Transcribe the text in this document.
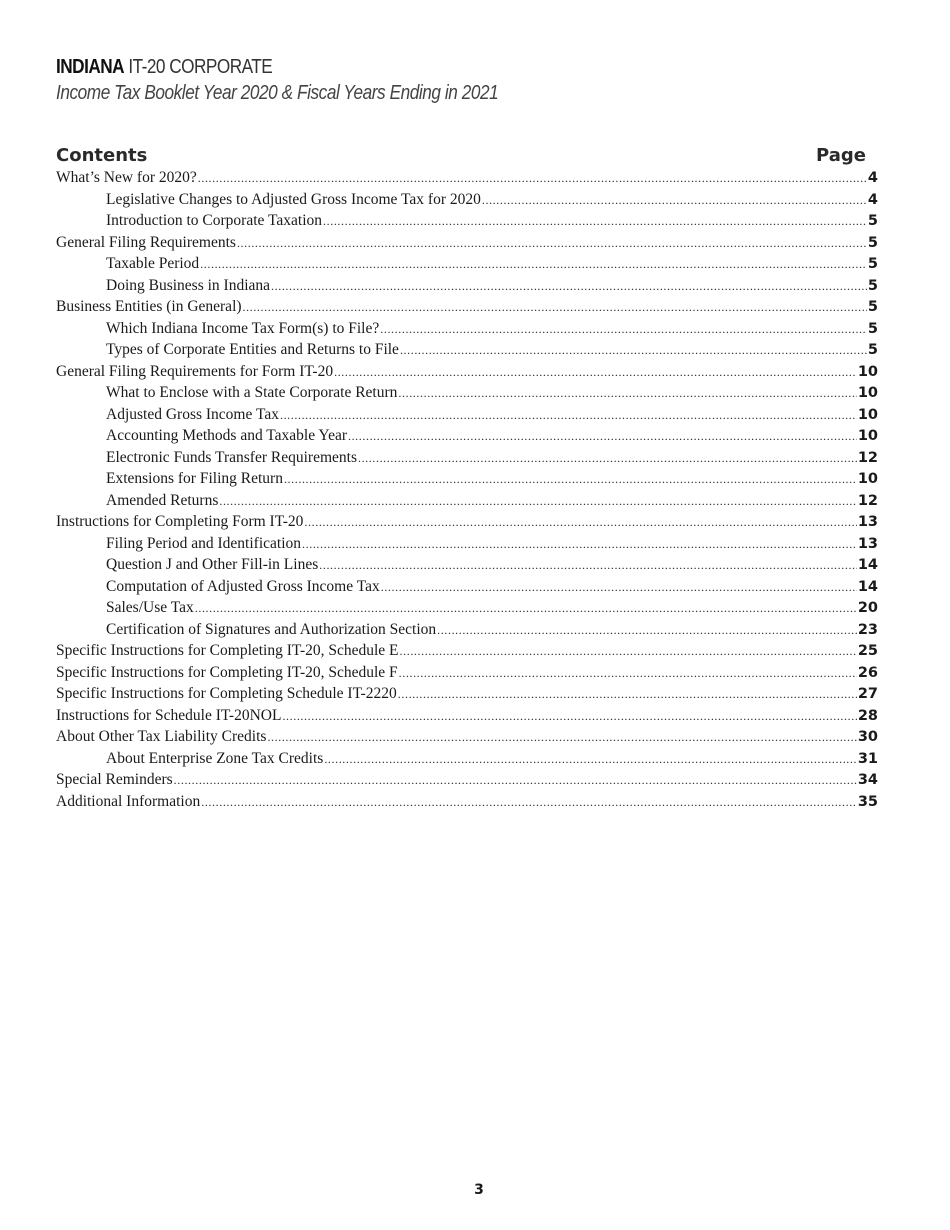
INDIANA IT-20 CORPORATE
Income Tax Booklet Year 2020 & Fiscal Years Ending in 2021
Contents	Page
What’s New for 2020? .....	4
Legislative Changes to Adjusted Gross Income Tax for 2020 .....	4
Introduction to Corporate Taxation .....	5
General Filing Requirements .....	5
Taxable Period .....	5
Doing Business in Indiana .....	5
Business Entities (in General) .....	5
Which Indiana Income Tax Form(s) to File? .....	5
Types of Corporate Entities and Returns to File .....	5
General Filing Requirements for Form IT-20 .....	10
What to Enclose with a State Corporate Return .....	10
Adjusted Gross Income Tax .....	10
Accounting Methods and Taxable Year .....	10
Electronic Funds Transfer Requirements .....	12
Extensions for Filing Return .....	10
Amended Returns .....	12
Instructions for Completing Form IT-20 .....	13
Filing Period and Identification .....	13
Question J and Other Fill-in Lines .....	14
Computation of Adjusted Gross Income Tax .....	14
Sales/Use Tax .....	20
Certification of Signatures and Authorization Section .....	23
Specific Instructions for Completing IT-20, Schedule E .....	25
Specific Instructions for Completing IT-20, Schedule F .....	26
Specific Instructions for Completing Schedule IT-2220 .....	27
Instructions for Schedule IT-20NOL .....	28
About Other Tax Liability Credits .....	30
About Enterprise Zone Tax Credits .....	31
Special Reminders .....	34
Additional Information .....	35
3
